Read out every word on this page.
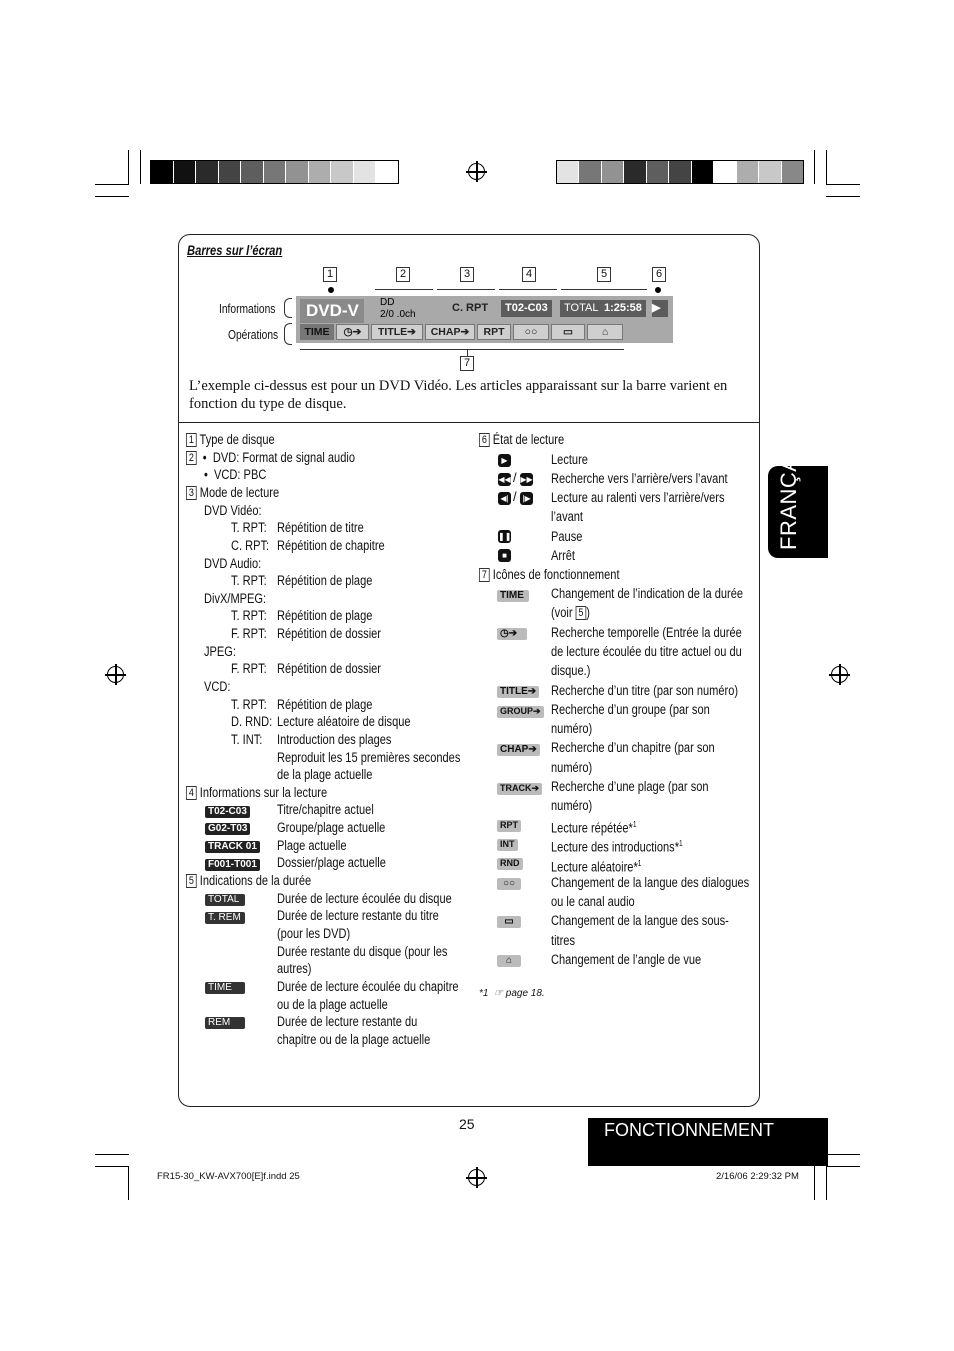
FRANÇAIS
Barres sur l’écran
Informations
Opérations
1	2	3	4	5	6
7
DVD-V	DD
2/0 .0ch
C. RPT	T02-C03	TOTAL 1:25:58 ▶
TIME	◷➔	TITLE➔	CHAP➔	RPT	○○	▭	⌂
L’exemple ci-dessus est pour un DVD Vidéo. Les articles apparaissant sur la barre varient en fonction du type de disque.
1 Type de disque
2  •  DVD: Format de signal audio
•  VCD: PBC
3 Mode de lecture
DVD Vidéo:
T. RPT: Répétition de titre
C. RPT: Répétition de chapitre
DVD Audio:
T. RPT: Répétition de plage
DivX/MPEG:
T. RPT: Répétition de plage
F. RPT: Répétition de dossier
JPEG:
F. RPT: Répétition de dossier
VCD:
T. RPT: Répétition de plage
D. RND: Lecture aléatoire de disque
T. INT: Introduction des plages
Reproduit les 15 premières secondes
de la plage actuelle
4 Informations sur la lecture
T02-C03 Titre/chapitre actuel
G02-T03 Groupe/plage actuelle
TRACK 01 Plage actuelle
F001-T001 Dossier/plage actuelle
5 Indications de la durée
TOTAL	Durée de lecture écoulée du disque
T. REM	Durée de lecture restante du titre
(pour les DVD)
Durée restante du disque (pour les
autres)
TIME	Durée de lecture écoulée du chapitre
ou de la plage actuelle
REM	Durée de lecture restante du
chapitre ou de la plage actuelle
6 État de lecture
▶	Lecture
◀◀ / ▶▶ Recherche vers l’arrière/vers l’avant
◀| / |▶ Lecture au ralenti vers l’arrière/vers
l’avant
❚❚	Pause
■	Arrêt
7 Icônes de fonctionnement
TIME	Changement de l’indication de la durée
(voir 5 )
◷➔	Recherche temporelle (Entrée la durée
de lecture écoulée du titre actuel ou du
disque.)
TITLE➔ Recherche d’un titre (par son numéro)
GROUP➔ Recherche d’un groupe (par son
numéro)
CHAP➔ Recherche d’un chapitre (par son
numéro)
TRACK➔ Recherche d’une plage (par son
numéro)
RPT Lecture répétée*$^1$
INT	Lecture des introductions*$^1$
RND Lecture aléatoire*$^1$
○○	Changement de la langue des dialogues
ou le canal audio
▭	Changement de la langue des sous-
titres
⌂	Changement de l’angle de vue
*1 ☞ page 18.
25	FONCTIONNEMENT
FR15-30_KW-AVX700[E]f.indd 25	2/16/06 2:29:32 PM
